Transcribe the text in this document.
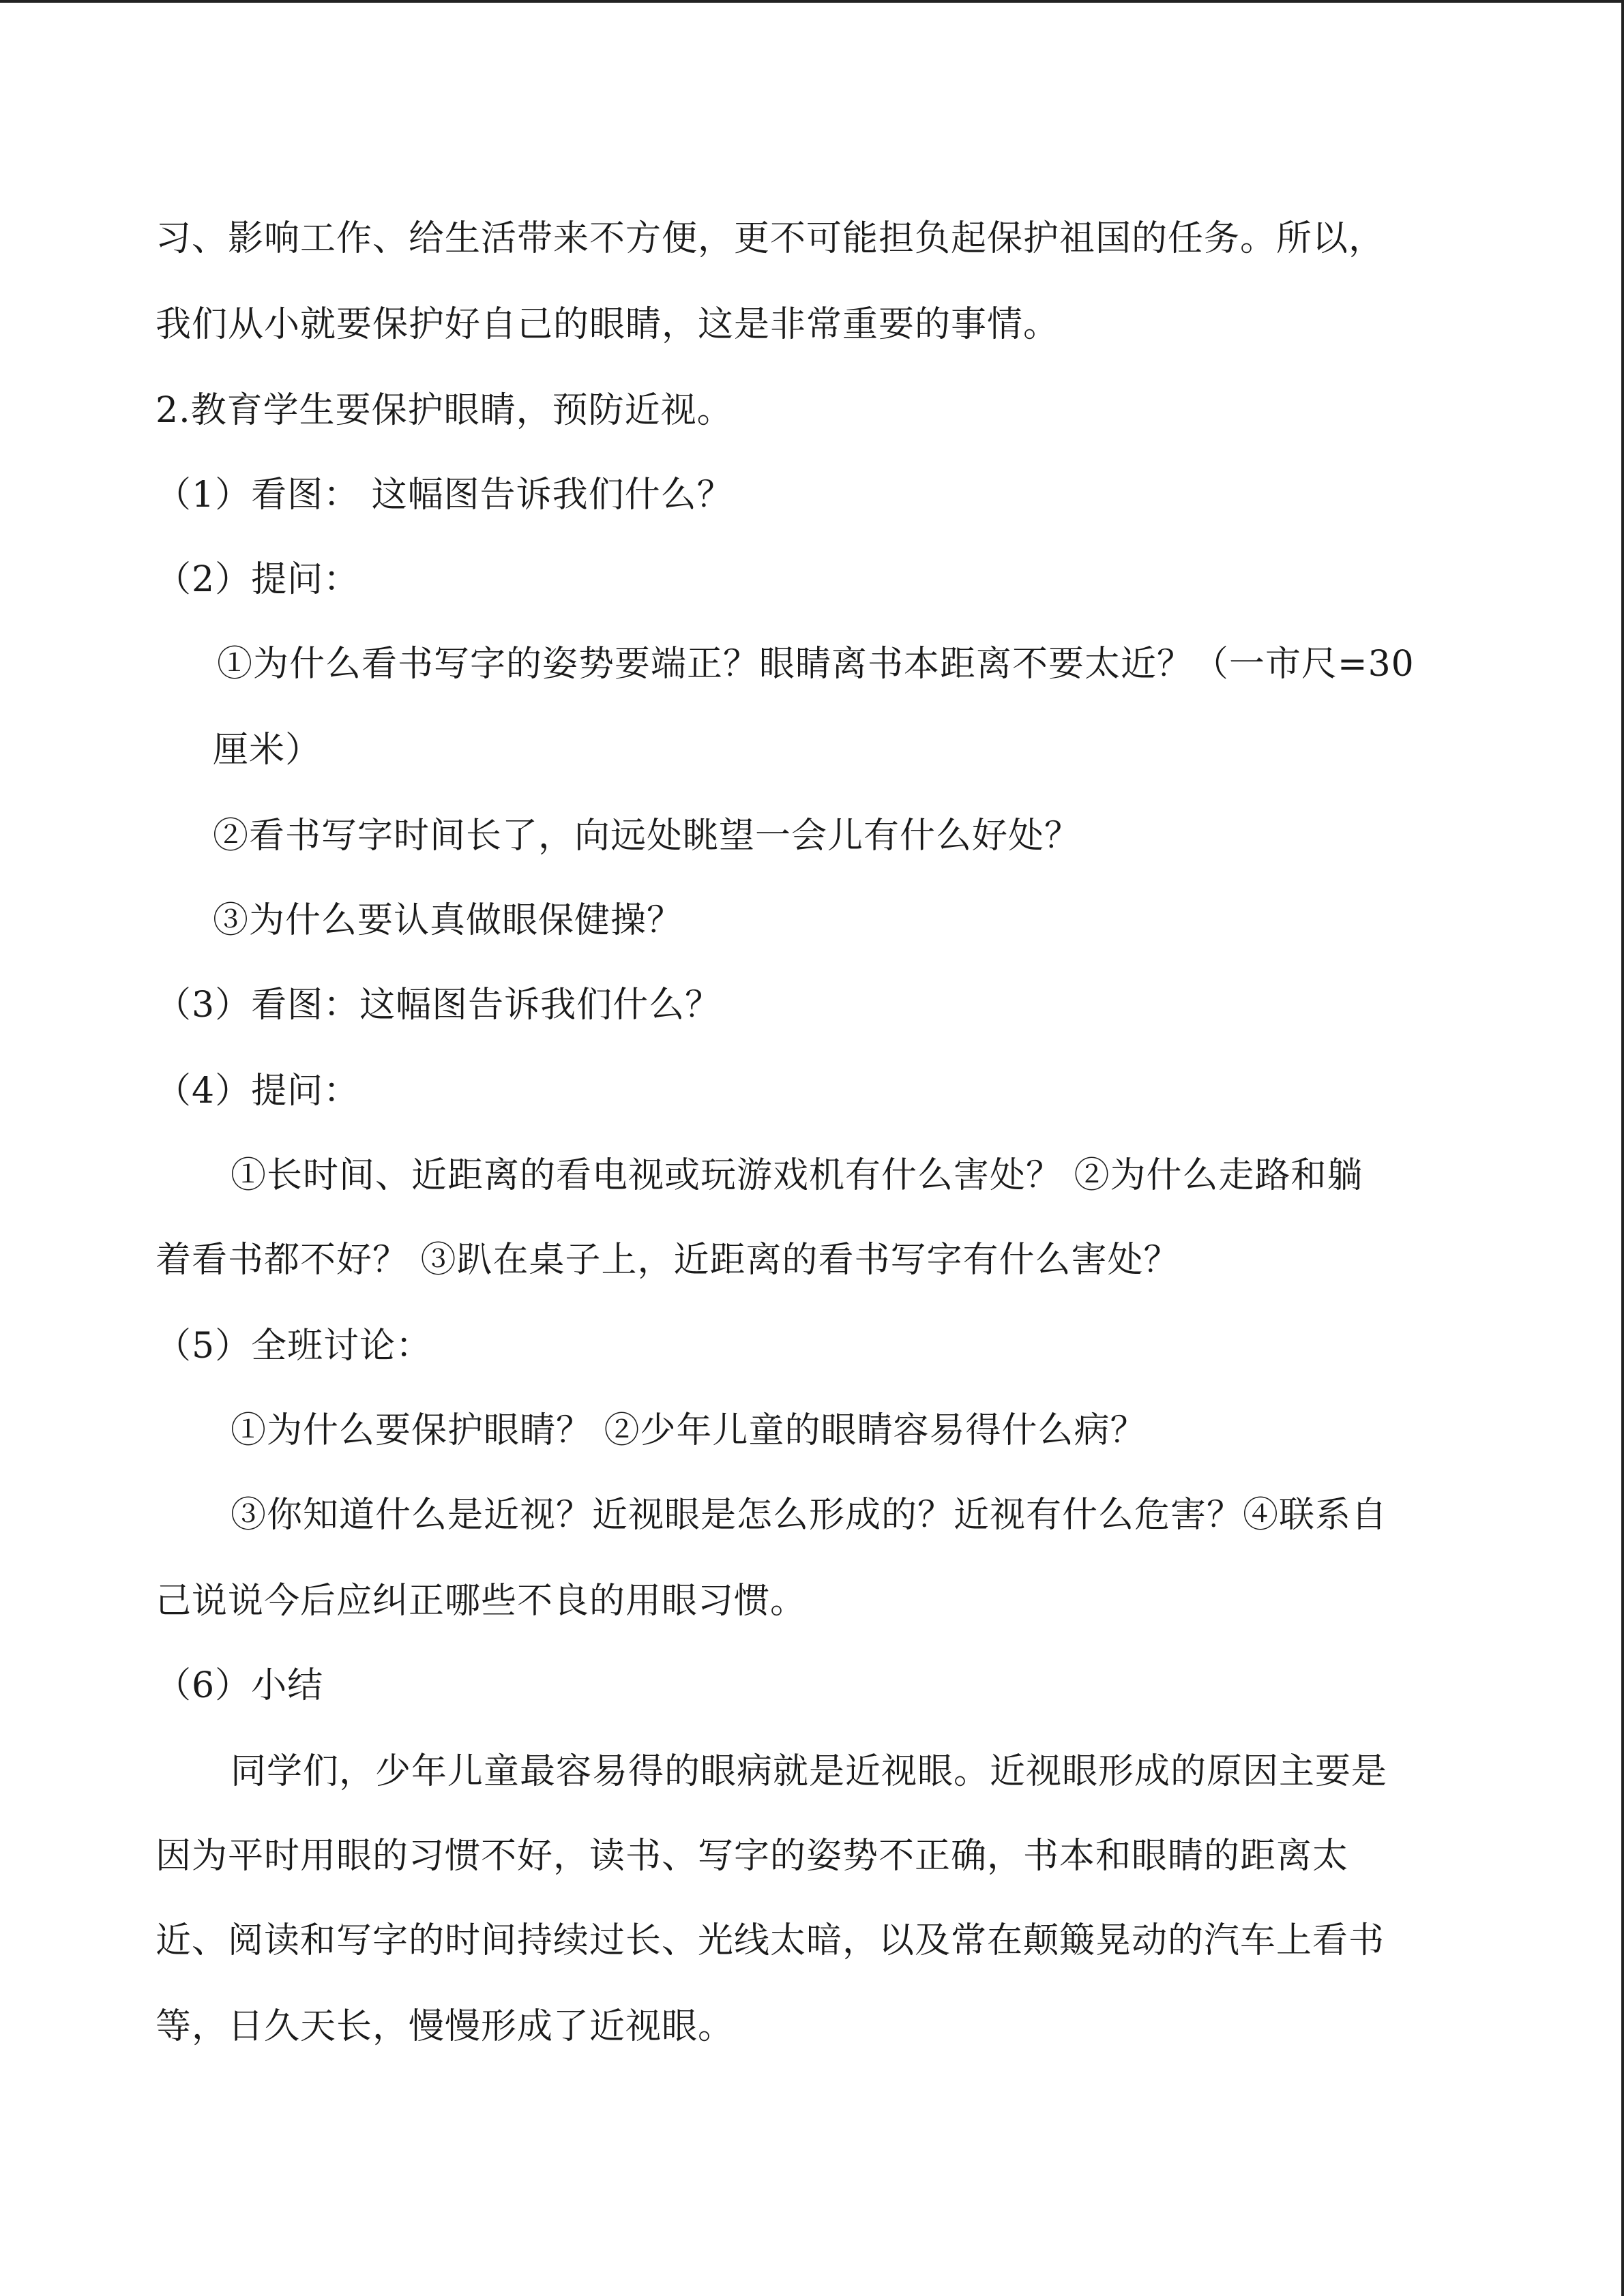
习、影响工作、给生活带来不方便，更不可能担负起保护祖国的任务。所以，
我们从小就要保护好自己的眼睛，这是非常重要的事情。
2.教育学生要保护眼睛，预防近视。
（1）看图： 这幅图告诉我们什么？
（2）提问：
①为什么看书写字的姿势要端正？眼睛离书本距离不要太近？（一市尺=30
厘米）
②看书写字时间长了，向远处眺望一会儿有什么好处？
③为什么要认真做眼保健操？
（3）看图：这幅图告诉我们什么？
（4）提问：
①长时间、近距离的看电视或玩游戏机有什么害处？ ②为什么走路和躺
着看书都不好？ ③趴在桌子上，近距离的看书写字有什么害处？
（5）全班讨论：
①为什么要保护眼睛？ ②少年儿童的眼睛容易得什么病？
③你知道什么是近视？近视眼是怎么形成的？近视有什么危害？④联系自
己说说今后应纠正哪些不良的用眼习惯。
（6）小结
同学们，少年儿童最容易得的眼病就是近视眼。近视眼形成的原因主要是
因为平时用眼的习惯不好，读书、写字的姿势不正确，书本和眼睛的距离太
近、阅读和写字的时间持续过长、光线太暗，以及常在颠簸晃动的汽车上看书
等，日久天长，慢慢形成了近视眼。
